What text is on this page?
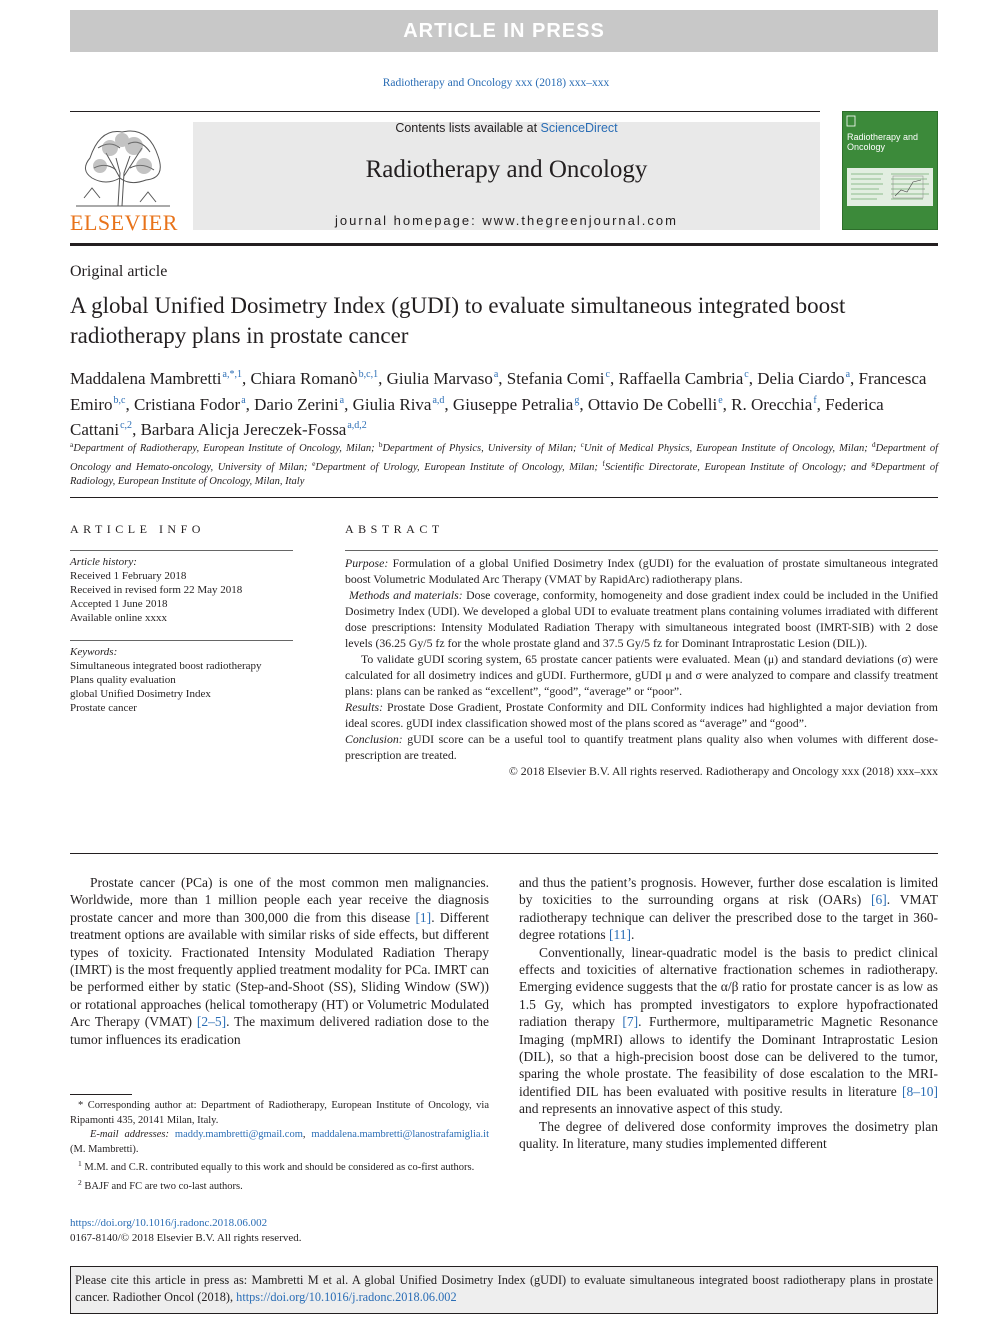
ARTICLE IN PRESS
Radiotherapy and Oncology xxx (2018) xxx–xxx
ELSEVIER
Contents lists available at ScienceDirect
Radiotherapy and Oncology
journal homepage: www.thegreenjournal.com
Radiotherapy and Oncology
Original article
A global Unified Dosimetry Index (gUDI) to evaluate simultaneous integrated boost radiotherapy plans in prostate cancer
Maddalena Mambretti$^{a,*,1}$, Chiara Romanò$^{b,c,1}$, Giulia Marvaso$^a$, Stefania Comi$^c$, Raffaella Cambria$^c$, Delia Ciardo$^a$, Francesca Emiro$^{b,c}$, Cristiana Fodor$^a$, Dario Zerini$^a$, Giulia Riva$^{a,d}$, Giuseppe Petralia$^g$, Ottavio De Cobelli$^e$, R. Orecchia$^f$, Federica Cattani$^{c,2}$, Barbara Alicja Jereczek-Fossa$^{a,d,2}$
$^a$Department of Radiotherapy, European Institute of Oncology, Milan; $^b$Department of Physics, University of Milan; $^c$Unit of Medical Physics, European Institute of Oncology, Milan; $^d$Department of Oncology and Hemato-oncology, University of Milan; $^e$Department of Urology, European Institute of Oncology, Milan; $^f$Scientific Directorate, European Institute of Oncology; and $^g$Department of Radiology, European Institute of Oncology, Milan, Italy
ARTICLE INFO
Article history:
Received 1 February 2018
Received in revised form 22 May 2018
Accepted 1 June 2018
Available online xxxx
Keywords:
Simultaneous integrated boost radiotherapy
Plans quality evaluation
global Unified Dosimetry Index
Prostate cancer
ABSTRACT

Purpose: Formulation of a global Unified Dosimetry Index (gUDI) for the evaluation of prostate simultaneous integrated boost Volumetric Modulated Arc Therapy (VMAT by RapidArc) radiotherapy plans.

Methods and materials: Dose coverage, conformity, homogeneity and dose gradient index could be included in the Unified Dosimetry Index (UDI). We developed a global UDI to evaluate treatment plans containing volumes irradiated with different dose prescriptions: Intensity Modulated Radiation Therapy with simultaneous integrated boost (IMRT-SIB) with 2 dose levels (36.25 Gy/5 fz for the whole prostate gland and 37.5 Gy/5 fz for Dominant Intraprostatic Lesion (DIL)).

To validate gUDI scoring system, 65 prostate cancer patients were evaluated. Mean (μ) and standard deviations (σ) were calculated for all dosimetry indices and gUDI. Furthermore, gUDI μ and σ were analyzed to compare and classify treatment plans: plans can be ranked as “excellent”, “good”, “average” or “poor”.

Results: Prostate Dose Gradient, Prostate Conformity and DIL Conformity indices had highlighted a major deviation from ideal scores. gUDI index classification showed most of the plans scored as “average” and “good”.

Conclusion: gUDI score can be a useful tool to quantify treatment plans quality also when volumes with different dose-prescription are treated.

© 2018 Elsevier B.V. All rights reserved. Radiotherapy and Oncology xxx (2018) xxx–xxx

Prostate cancer (PCa) is one of the most common men malignancies. Worldwide, more than 1 million people each year receive the diagnosis prostate cancer and more than 300,000 die from this disease [1]. Different treatment options are available with similar risks of side effects, but different types of toxicity. Fractionated Intensity Modulated Radiation Therapy (IMRT) is the most frequently applied treatment modality for PCa. IMRT can be performed either by static (Step-and-Shoot (SS), Sliding Window (SW)) or rotational approaches (helical tomotherapy (HT) or Volumetric Modulated Arc Therapy (VMAT) [2–5]. The maximum delivered radiation dose to the tumor influences its eradication

and thus the patient’s prognosis. However, further dose escalation is limited by toxicities to the surrounding organs at risk (OARs) [6]. VMAT radiotherapy technique can deliver the prescribed dose to the target in 360-degree rotations [11].

Conventionally, linear-quadratic model is the basis to predict clinical effects and toxicities of alternative fractionation schemes in radiotherapy. Emerging evidence suggests that the α/β ratio for prostate cancer is as low as 1.5 Gy, which has prompted investigators to explore hypofractionated radiation therapy [7]. Furthermore, multiparametric Magnetic Resonance Imaging (mpMRI) allows to identify the Dominant Intraprostatic Lesion (DIL), so that a high-precision boost dose can be delivered to the tumor, sparing the whole prostate. The feasibility of dose escalation to the MRI-identified DIL has been evaluated with positive results in literature [8–10] and represents an innovative aspect of this study.

The degree of delivered dose conformity improves the dosimetry plan quality. In literature, many studies implemented different

* Corresponding author at: Department of Radiotherapy, European Institute of Oncology, via Ripamonti 435, 20141 Milan, Italy.
E-mail addresses: maddy.mambretti@gmail.com, maddalena.mambretti@lanostrafamiglia.it (M. Mambretti).
$^1$ M.M. and C.R. contributed equally to this work and should be considered as co-first authors.
$^2$ BAJF and FC are two co-last authors.
https://doi.org/10.1016/j.radonc.2018.06.002
0167-8140/© 2018 Elsevier B.V. All rights reserved.
Please cite this article in press as: Mambretti M et al. A global Unified Dosimetry Index (gUDI) to evaluate simultaneous integrated boost radiotherapy plans in prostate cancer. Radiother Oncol (2018), https://doi.org/10.1016/j.radonc.2018.06.002
